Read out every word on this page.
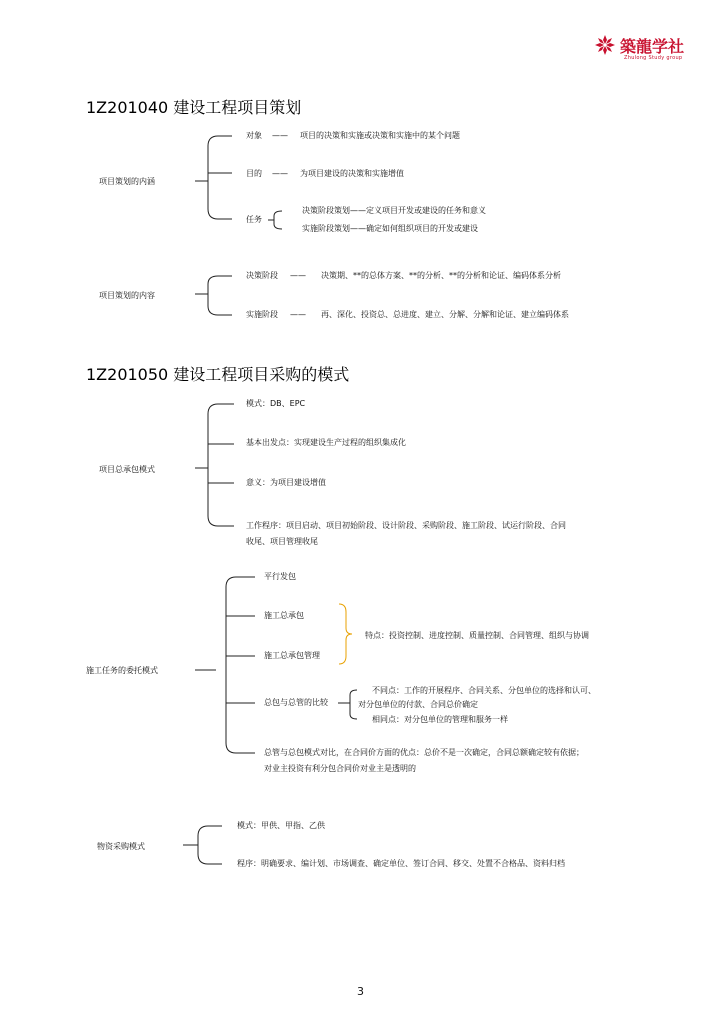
築龍学社
Zhulong Study group
1Z201040 建设工程项目策划
项目策划的内涵
对象 —— 项目的决策和实施或决策和实施中的某个问题
目的 —— 为项目建设的决策和实施增值
任务
决策阶段策划——定义项目开发或建设的任务和意义
实施阶段策划——确定如何组织项目的开发或建设
项目策划的内容
决策阶段 —— 决策期、**的总体方案、**的分析、**的分析和论证、编码体系分析
实施阶段 —— 再、深化、投资总、总进度、建立、分解、分解和论证、建立编码体系
1Z201050 建设工程项目采购的模式
项目总承包模式
模式：DB、EPC
基本出发点：实现建设生产过程的组织集成化
意义：为项目建设增值
工作程序：项目启动、项目初始阶段、设计阶段、采购阶段、施工阶段、试运行阶段、合同
收尾、项目管理收尾
施工任务的委托模式
平行发包
施工总承包
施工总承包管理
总包与总管的比较
特点：投资控制、进度控制、质量控制、合同管理、组织与协调
不同点：工作的开展程序、合同关系、分包单位的选择和认可、
对分包单位的付款、合同总价确定
相同点：对分包单位的管理和服务一样
总管与总包模式对比，在合同价方面的优点：总价不是一次确定，合同总额确定较有依据；
对业主投资有利分包合同价对业主是透明的
物资采购模式
模式：甲供、甲指、乙供
程序：明确要求、编计划、市场调查、确定单位、签订合同、移交、处置不合格品、资料归档
3
